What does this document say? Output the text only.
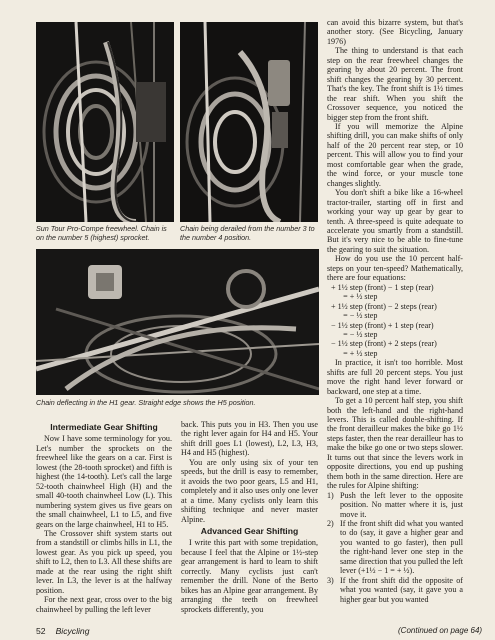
Sun Tour Pro-Compe freewheel. Chain is on the number 5 (highest) sprocket.
Chain being derailed from the number 3 to the number 4 position.
Chain deflecting in the H1 gear. Straight edge shows the H5 position.
Intermediate Gear Shifting

Now I have some terminology for you. Let's number the sprockets on the freewheel like the gears on a car. First is lowest (the 28-tooth sprocket) and fifth is highest (the 14-tooth). Let's call the large 52-tooth chainwheel High (H) and the small 40-tooth chainwheel Low (L). This numbering system gives us five gears on the small chainwheel, L1 to L5, and five gears on the large chainwheel, H1 to H5.

The Crossover shift system starts out from a standstill or climbs hills in L1, the lowest gear. As you pick up speed, you shift to L2, then to L3. All these shifts are made at the rear using the right shift lever. In L3, the lever is at the halfway position.

For the next gear, cross over to the big chainwheel by pulling the left lever

back. This puts you in H3. Then you use the right lever again for H4 and H5. Your shift drill goes L1 (lowest), L2, L3, H3, H4 and H5 (highest).

You are only using six of your ten speeds, but the drill is easy to remember, it avoids the two poor gears, L5 and H1, completely and it also uses only one lever at a time. Many cyclists only learn this shifting technique and never master Alpine.

Advanced Gear Shifting

I write this part with some trepidation, because I feel that the Alpine or 1½-step gear arrangement is hard to learn to shift correctly. Many cyclists just can't remember the drill. None of the Berto bikes has an Alpine gear arrangement. By arranging the teeth on freewheel sprockets differently, you

can avoid this bizarre system, but that's another story. (See Bicycling, January 1976)

The thing to understand is that each step on the rear freewheel changes the gearing by about 20 percent. The front shift changes the gearing by 30 percent. That's the key. The front shift is 1½ times the rear shift. When you shift the Crossover sequence, you noticed the bigger step from the front shift.

If you will memorize the Alpine shifting drill, you can make shifts of only half of the 20 percent rear step, or 10 percent. This will allow you to find your most comfortable gear when the grade, the wind force, or your muscle tone changes slightly.

You don't shift a bike like a 16-wheel tractor-trailer, starting off in first and working your way up gear by gear to tenth. A three-speed is quite adequate to accelerate you smartly from a standstill. But it's very nice to be able to fine-tune the gearing to suit the situation.

How do you use the 10 percent half-steps on your ten-speed? Mathematically, there are four equations:

+ 1½ step (front) − 1 step (rear)
= + ½ step
+ 1½ step (front) − 2 steps (rear)
= − ½ step
− 1½ step (front) + 1 step (rear)
= − ½ step
− 1½ step (front) + 2 steps (rear)
= + ½ step

In practice, it isn't too horrible. Most shifts are full 20 percent steps. You just move the right hand lever forward or backward, one step at a time.

To get a 10 percent half step, you shift both the left-hand and the right-hand levers. This is called double-shifting. If the front derailleur makes the bike go 1½ steps faster, then the rear derailleur has to make the bike go one or two steps slower. It turns out that since the levers work in opposite directions, you end up pushing them both in the same direction. Here are the rules for Alpine shifting:

1) Push the left lever to the opposite position. No matter where it is, just move it.
2) If the front shift did what you wanted to do (say, it gave a higher gear and you wanted to go faster), then pull the right-hand lever one step in the same direction that you pulled the left lever (+1½ − 1 = + ½).
3) If the front shift did the opposite of what you wanted (say, it gave you a higher gear but you wanted
(Continued on page 64)
52 Bicycling
